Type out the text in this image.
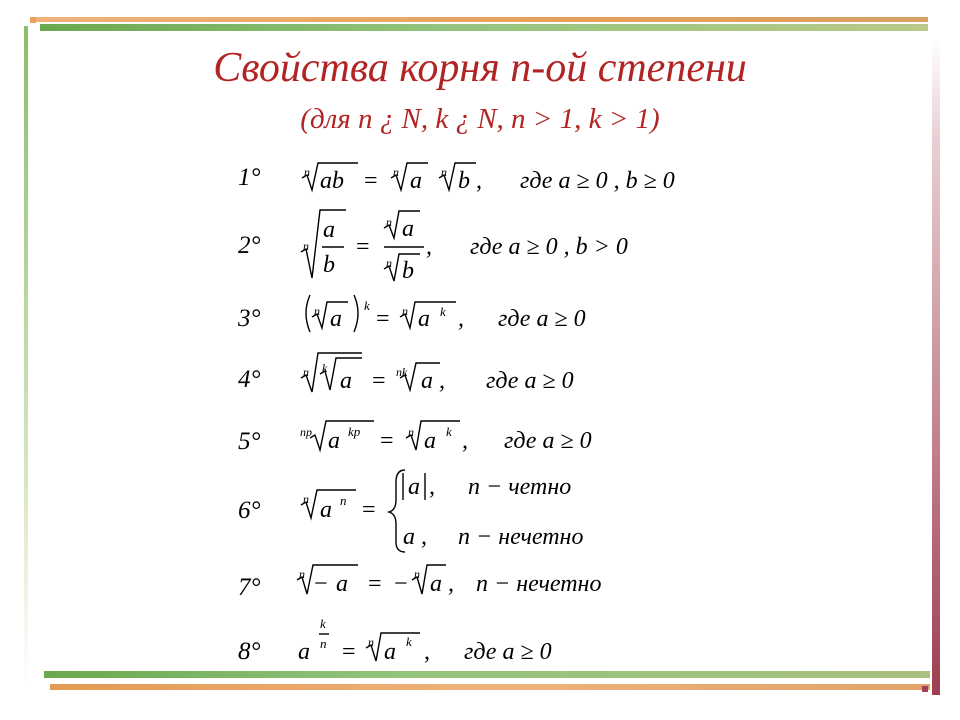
Свойства корня n-ой степени
(для n ¿ N, k ¿ N, n > 1, k > 1)
1°
2°
3°
4°
5°
6°
7°
8°
n ab = n a n b , где a ≥ 0 , b ≥ 0
n
a
b
=
n a
n b
, где a ≥ 0 , b > 0
n a
k
= n a k , где a ≥ 0
n k a = nk a , где a ≥ 0
np a kp = n a k , где a ≥ 0
n a n =
a , n − четно
a , n − нечетно
n − a = − n a , n − нечетно
a
k
n = n a k , где a ≥ 0
